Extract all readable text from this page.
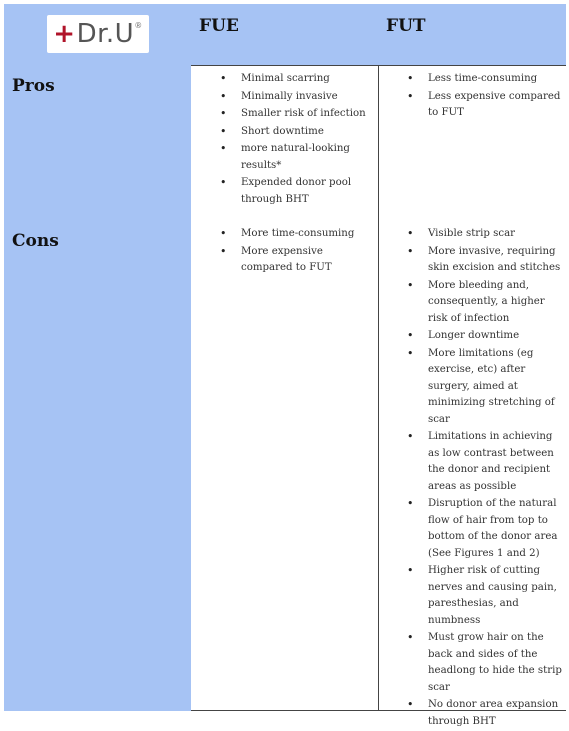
+Dr.U®	FUE	FUT
Pros
Cons
• Minimal scarring
• Minimally invasive
• Smaller risk of infection
• Short downtime
• more natural-looking results*
• Expended donor pool through BHT
• Less time-consuming
• Less expensive compared to FUT
• More time-consuming
• More expensive compared to FUT
• Visible strip scar
• More invasive, requiring skin excision and stitches
• More bleeding and, consequently, a higher risk of infection
• Longer downtime
• More limitations (eg exercise, etc) after surgery, aimed at minimizing stretching of scar
• Limitations in achieving as low contrast between the donor and recipient areas as possible
• Disruption of the natural flow of hair from top to bottom of the donor area (See Figures 1 and 2)
• Higher risk of cutting nerves and causing pain, paresthesias, and numbness
• Must grow hair on the back and sides of the headlong to hide the strip scar
• No donor area expansion through BHT
